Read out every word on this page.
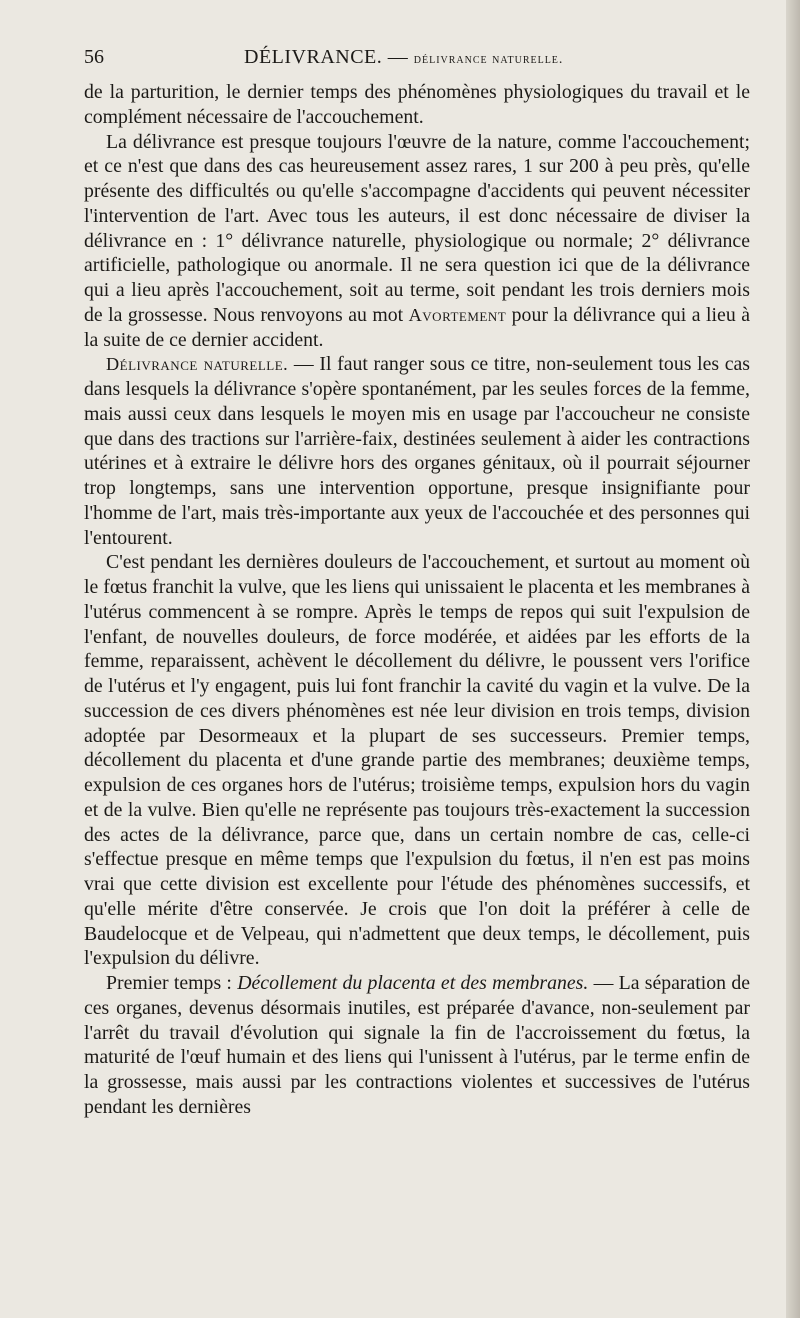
56	DÉLIVRANCE. — délivrance naturelle.

de la parturition, le dernier temps des phénomènes physiologiques du travail et le complément nécessaire de l'accouchement.

La délivrance est presque toujours l'œuvre de la nature, comme l'accouchement; et ce n'est que dans des cas heureusement assez rares, 1 sur 200 à peu près, qu'elle présente des difficultés ou qu'elle s'accompagne d'accidents qui peuvent nécessiter l'intervention de l'art. Avec tous les auteurs, il est donc nécessaire de diviser la délivrance en : 1° délivrance naturelle, physiologique ou normale; 2° délivrance artificielle, pathologique ou anormale. Il ne sera question ici que de la délivrance qui a lieu après l'accouchement, soit au terme, soit pendant les trois derniers mois de la grossesse. Nous renvoyons au mot Avortement pour la délivrance qui a lieu à la suite de ce dernier accident.

Délivrance naturelle. — Il faut ranger sous ce titre, non-seulement tous les cas dans lesquels la délivrance s'opère spontanément, par les seules forces de la femme, mais aussi ceux dans lesquels le moyen mis en usage par l'accoucheur ne consiste que dans des tractions sur l'arrière-faix, destinées seulement à aider les contractions utérines et à extraire le délivre hors des organes génitaux, où il pourrait séjourner trop longtemps, sans une intervention opportune, presque insignifiante pour l'homme de l'art, mais très-importante aux yeux de l'accouchée et des personnes qui l'entourent.

C'est pendant les dernières douleurs de l'accouchement, et surtout au moment où le fœtus franchit la vulve, que les liens qui unissaient le placenta et les membranes à l'utérus commencent à se rompre. Après le temps de repos qui suit l'expulsion de l'enfant, de nouvelles douleurs, de force modérée, et aidées par les efforts de la femme, reparaissent, achèvent le décollement du délivre, le poussent vers l'orifice de l'utérus et l'y engagent, puis lui font franchir la cavité du vagin et la vulve. De la succession de ces divers phénomènes est née leur division en trois temps, division adoptée par Desormeaux et la plupart de ses successeurs. Premier temps, décollement du placenta et d'une grande partie des membranes; deuxième temps, expulsion de ces organes hors de l'utérus; troisième temps, expulsion hors du vagin et de la vulve. Bien qu'elle ne représente pas toujours très-exactement la succession des actes de la délivrance, parce que, dans un certain nombre de cas, celle-ci s'effectue presque en même temps que l'expulsion du fœtus, il n'en est pas moins vrai que cette division est excellente pour l'étude des phénomènes successifs, et qu'elle mérite d'être conservée. Je crois que l'on doit la préférer à celle de Baudelocque et de Velpeau, qui n'admettent que deux temps, le décollement, puis l'expulsion du délivre.

Premier temps : Décollement du placenta et des membranes. — La séparation de ces organes, devenus désormais inutiles, est préparée d'avance, non-seulement par l'arrêt du travail d'évolution qui signale la fin de l'accroissement du fœtus, la maturité de l'œuf humain et des liens qui l'unissent à l'utérus, par le terme enfin de la grossesse, mais aussi par les contractions violentes et successives de l'utérus pendant les dernières
